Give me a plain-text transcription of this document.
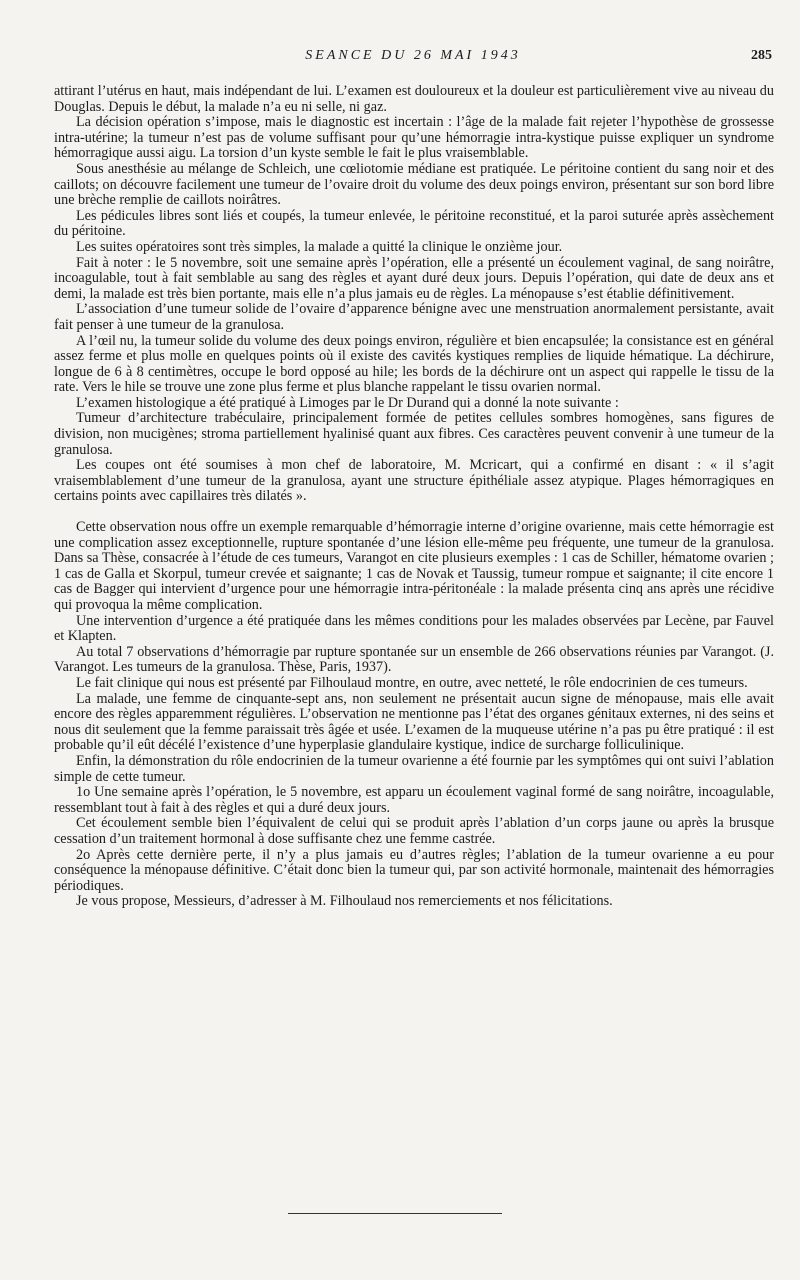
SEANCE DU 26 MAI 1943	285

attirant l’utérus en haut, mais indépendant de lui. L’examen est douloureux et la douleur est particulièrement vive au niveau du Douglas. Depuis le début, la malade n’a eu ni selle, ni gaz.

La décision opération s’impose, mais le diagnostic est incertain : l’âge de la malade fait rejeter l’hypothèse de grossesse intra-utérine; la tumeur n’est pas de volume suffisant pour qu’une hémorragie intra-kystique puisse expliquer un syndrome hémorragique aussi aigu. La torsion d’un kyste semble le fait le plus vraisemblable.

Sous anesthésie au mélange de Schleich, une cœliotomie médiane est pratiquée. Le péritoine contient du sang noir et des caillots; on découvre facilement une tumeur de l’ovaire droit du volume des deux poings environ, présentant sur son bord libre une brèche remplie de caillots noirâtres.

Les pédicules libres sont liés et coupés, la tumeur enlevée, le péritoine reconstitué, et la paroi suturée après assèchement du péritoine.

Les suites opératoires sont très simples, la malade a quitté la clinique le onzième jour.

Fait à noter : le 5 novembre, soit une semaine après l’opération, elle a présenté un écoulement vaginal, de sang noirâtre, incoagulable, tout à fait semblable au sang des règles et ayant duré deux jours. Depuis l’opération, qui date de deux ans et demi, la malade est très bien portante, mais elle n’a plus jamais eu de règles. La ménopause s’est établie définitivement.

L’association d’une tumeur solide de l’ovaire d’apparence bénigne avec une menstruation anormalement persistante, avait fait penser à une tumeur de la granulosa.

A l’œil nu, la tumeur solide du volume des deux poings environ, régulière et bien encapsulée; la consistance est en général assez ferme et plus molle en quelques points où il existe des cavités kystiques remplies de liquide hématique. La déchirure, longue de 6 à 8 centimètres, occupe le bord opposé au hile; les bords de la déchirure ont un aspect qui rappelle le tissu de la rate. Vers le hile se trouve une zone plus ferme et plus blanche rappelant le tissu ovarien normal.

L’examen histologique a été pratiqué à Limoges par le Dr Durand qui a donné la note suivante :

Tumeur d’architecture trabéculaire, principalement formée de petites cellules sombres homogènes, sans figures de division, non mucigènes; stroma partiellement hyalinisé quant aux fibres. Ces caractères peuvent convenir à une tumeur de la granulosa.

Les coupes ont été soumises à mon chef de laboratoire, M. Mcricart, qui a confirmé en disant : « il s’agit vraisemblablement d’une tumeur de la granulosa, ayant une structure épithéliale assez atypique. Plages hémorragiques en certains points avec capillaires très dilatés ».

Cette observation nous offre un exemple remarquable d’hémorragie interne d’origine ovarienne, mais cette hémorragie est une complication assez exceptionnelle, rupture spontanée d’une lésion elle-même peu fréquente, une tumeur de la granulosa. Dans sa Thèse, consacrée à l’étude de ces tumeurs, Varangot en cite plusieurs exemples : 1 cas de Schiller, hématome ovarien ; 1 cas de Galla et Skorpul, tumeur crevée et saignante; 1 cas de Novak et Taussig, tumeur rompue et saignante; il cite encore 1 cas de Bagger qui intervient d’urgence pour une hémorragie intra-péritonéale : la malade présenta cinq ans après une récidive qui provoqua la même complication.

Une intervention d’urgence a été pratiquée dans les mêmes conditions pour les malades observées par Lecène, par Fauvel et Klapten.

Au total 7 observations d’hémorragie par rupture spontanée sur un ensemble de 266 observations réunies par Varangot. (J. Varangot. Les tumeurs de la granulosa. Thèse, Paris, 1937).

Le fait clinique qui nous est présenté par Filhoulaud montre, en outre, avec netteté, le rôle endocrinien de ces tumeurs.

La malade, une femme de cinquante-sept ans, non seulement ne présentait aucun signe de ménopause, mais elle avait encore des règles apparemment régulières. L’observation ne mentionne pas l’état des organes génitaux externes, ni des seins et nous dit seulement que la femme paraissait très âgée et usée. L’examen de la muqueuse utérine n’a pas pu être pratiqué : il est probable qu’il eût décélé l’existence d’une hyperplasie glandulaire kystique, indice de surcharge folliculinique.

Enfin, la démonstration du rôle endocrinien de la tumeur ovarienne a été fournie par les symptômes qui ont suivi l’ablation simple de cette tumeur.

1o Une semaine après l’opération, le 5 novembre, est apparu un écoulement vaginal formé de sang noirâtre, incoagulable, ressemblant tout à fait à des règles et qui a duré deux jours.

Cet écoulement semble bien l’équivalent de celui qui se produit après l’ablation d’un corps jaune ou après la brusque cessation d’un traitement hormonal à dose suffisante chez une femme castrée.

2o Après cette dernière perte, il n’y a plus jamais eu d’autres règles; l’ablation de la tumeur ovarienne a eu pour conséquence la ménopause définitive. C’était donc bien la tumeur qui, par son activité hormonale, maintenait des hémorragies périodiques.

Je vous propose, Messieurs, d’adresser à M. Filhoulaud nos remerciements et nos félicitations.
